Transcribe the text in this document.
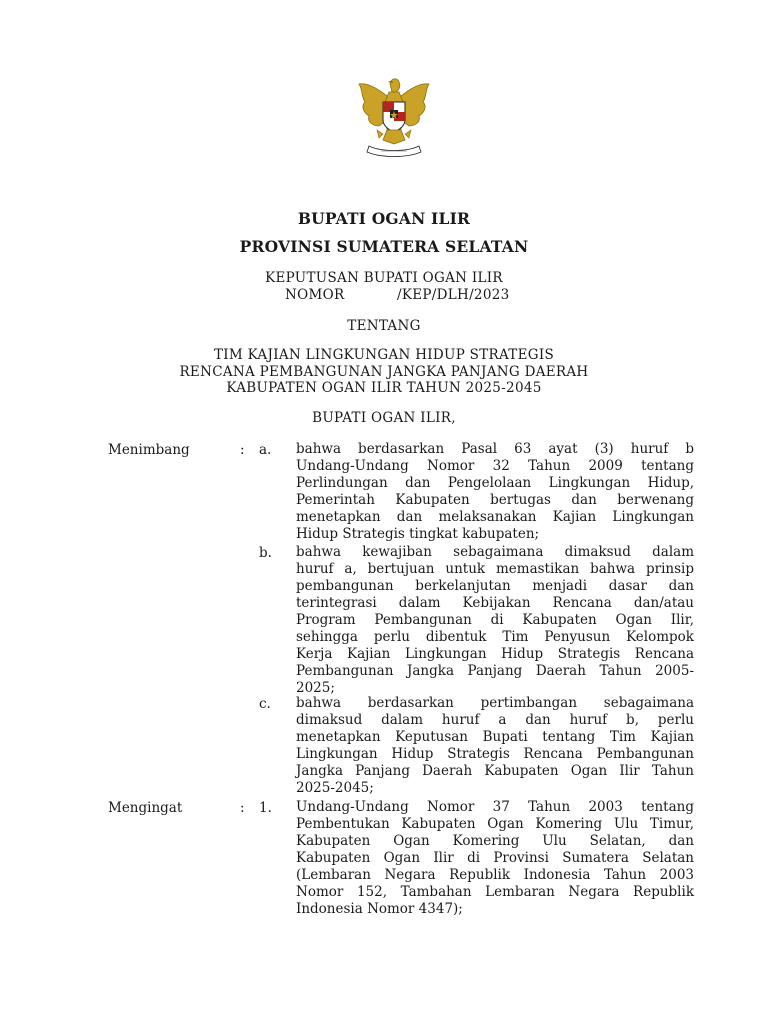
BUPATI OGAN ILIR
PROVINSI SUMATERA SELATAN
KEPUTUSAN BUPATI OGAN ILIR
NOMOR	/KEP/DLH/2023
TENTANG
TIM KAJIAN LINGKUNGAN HIDUP STRATEGIS
RENCANA PEMBANGUNAN JANGKA PANJANG DAERAH
KABUPATEN OGAN ILIR TAHUN 2025-2045
BUPATI OGAN ILIR,
Menimbang	: a. bahwa berdasarkan Pasal 63 ayat (3) huruf b
Undang-Undang Nomor 32 Tahun 2009 tentang
Perlindungan dan Pengelolaan Lingkungan Hidup,
Pemerintah Kabupaten bertugas dan berwenang
menetapkan dan melaksanakan Kajian Lingkungan
Hidup Strategis tingkat kabupaten;
b. bahwa kewajiban sebagaimana dimaksud dalam
huruf a, bertujuan untuk memastikan bahwa prinsip
pembangunan berkelanjutan menjadi dasar dan
terintegrasi dalam Kebijakan Rencana dan/atau
Program Pembangunan di Kabupaten Ogan Ilir,
sehingga perlu dibentuk Tim Penyusun Kelompok
Kerja Kajian Lingkungan Hidup Strategis Rencana
Pembangunan Jangka Panjang Daerah Tahun 2005-
2025;
c. bahwa berdasarkan pertimbangan sebagaimana
dimaksud dalam huruf a dan huruf b, perlu
menetapkan Keputusan Bupati tentang Tim Kajian
Lingkungan Hidup Strategis Rencana Pembangunan
Jangka Panjang Daerah Kabupaten Ogan Ilir Tahun
2025-2045;
Mengingat	: 1. Undang-Undang Nomor 37 Tahun 2003 tentang
Pembentukan Kabupaten Ogan Komering Ulu Timur,
Kabupaten Ogan Komering Ulu Selatan, dan
Kabupaten Ogan Ilir di Provinsi Sumatera Selatan
(Lembaran Negara Republik Indonesia Tahun 2003
Nomor 152, Tambahan Lembaran Negara Republik
Indonesia Nomor 4347);
